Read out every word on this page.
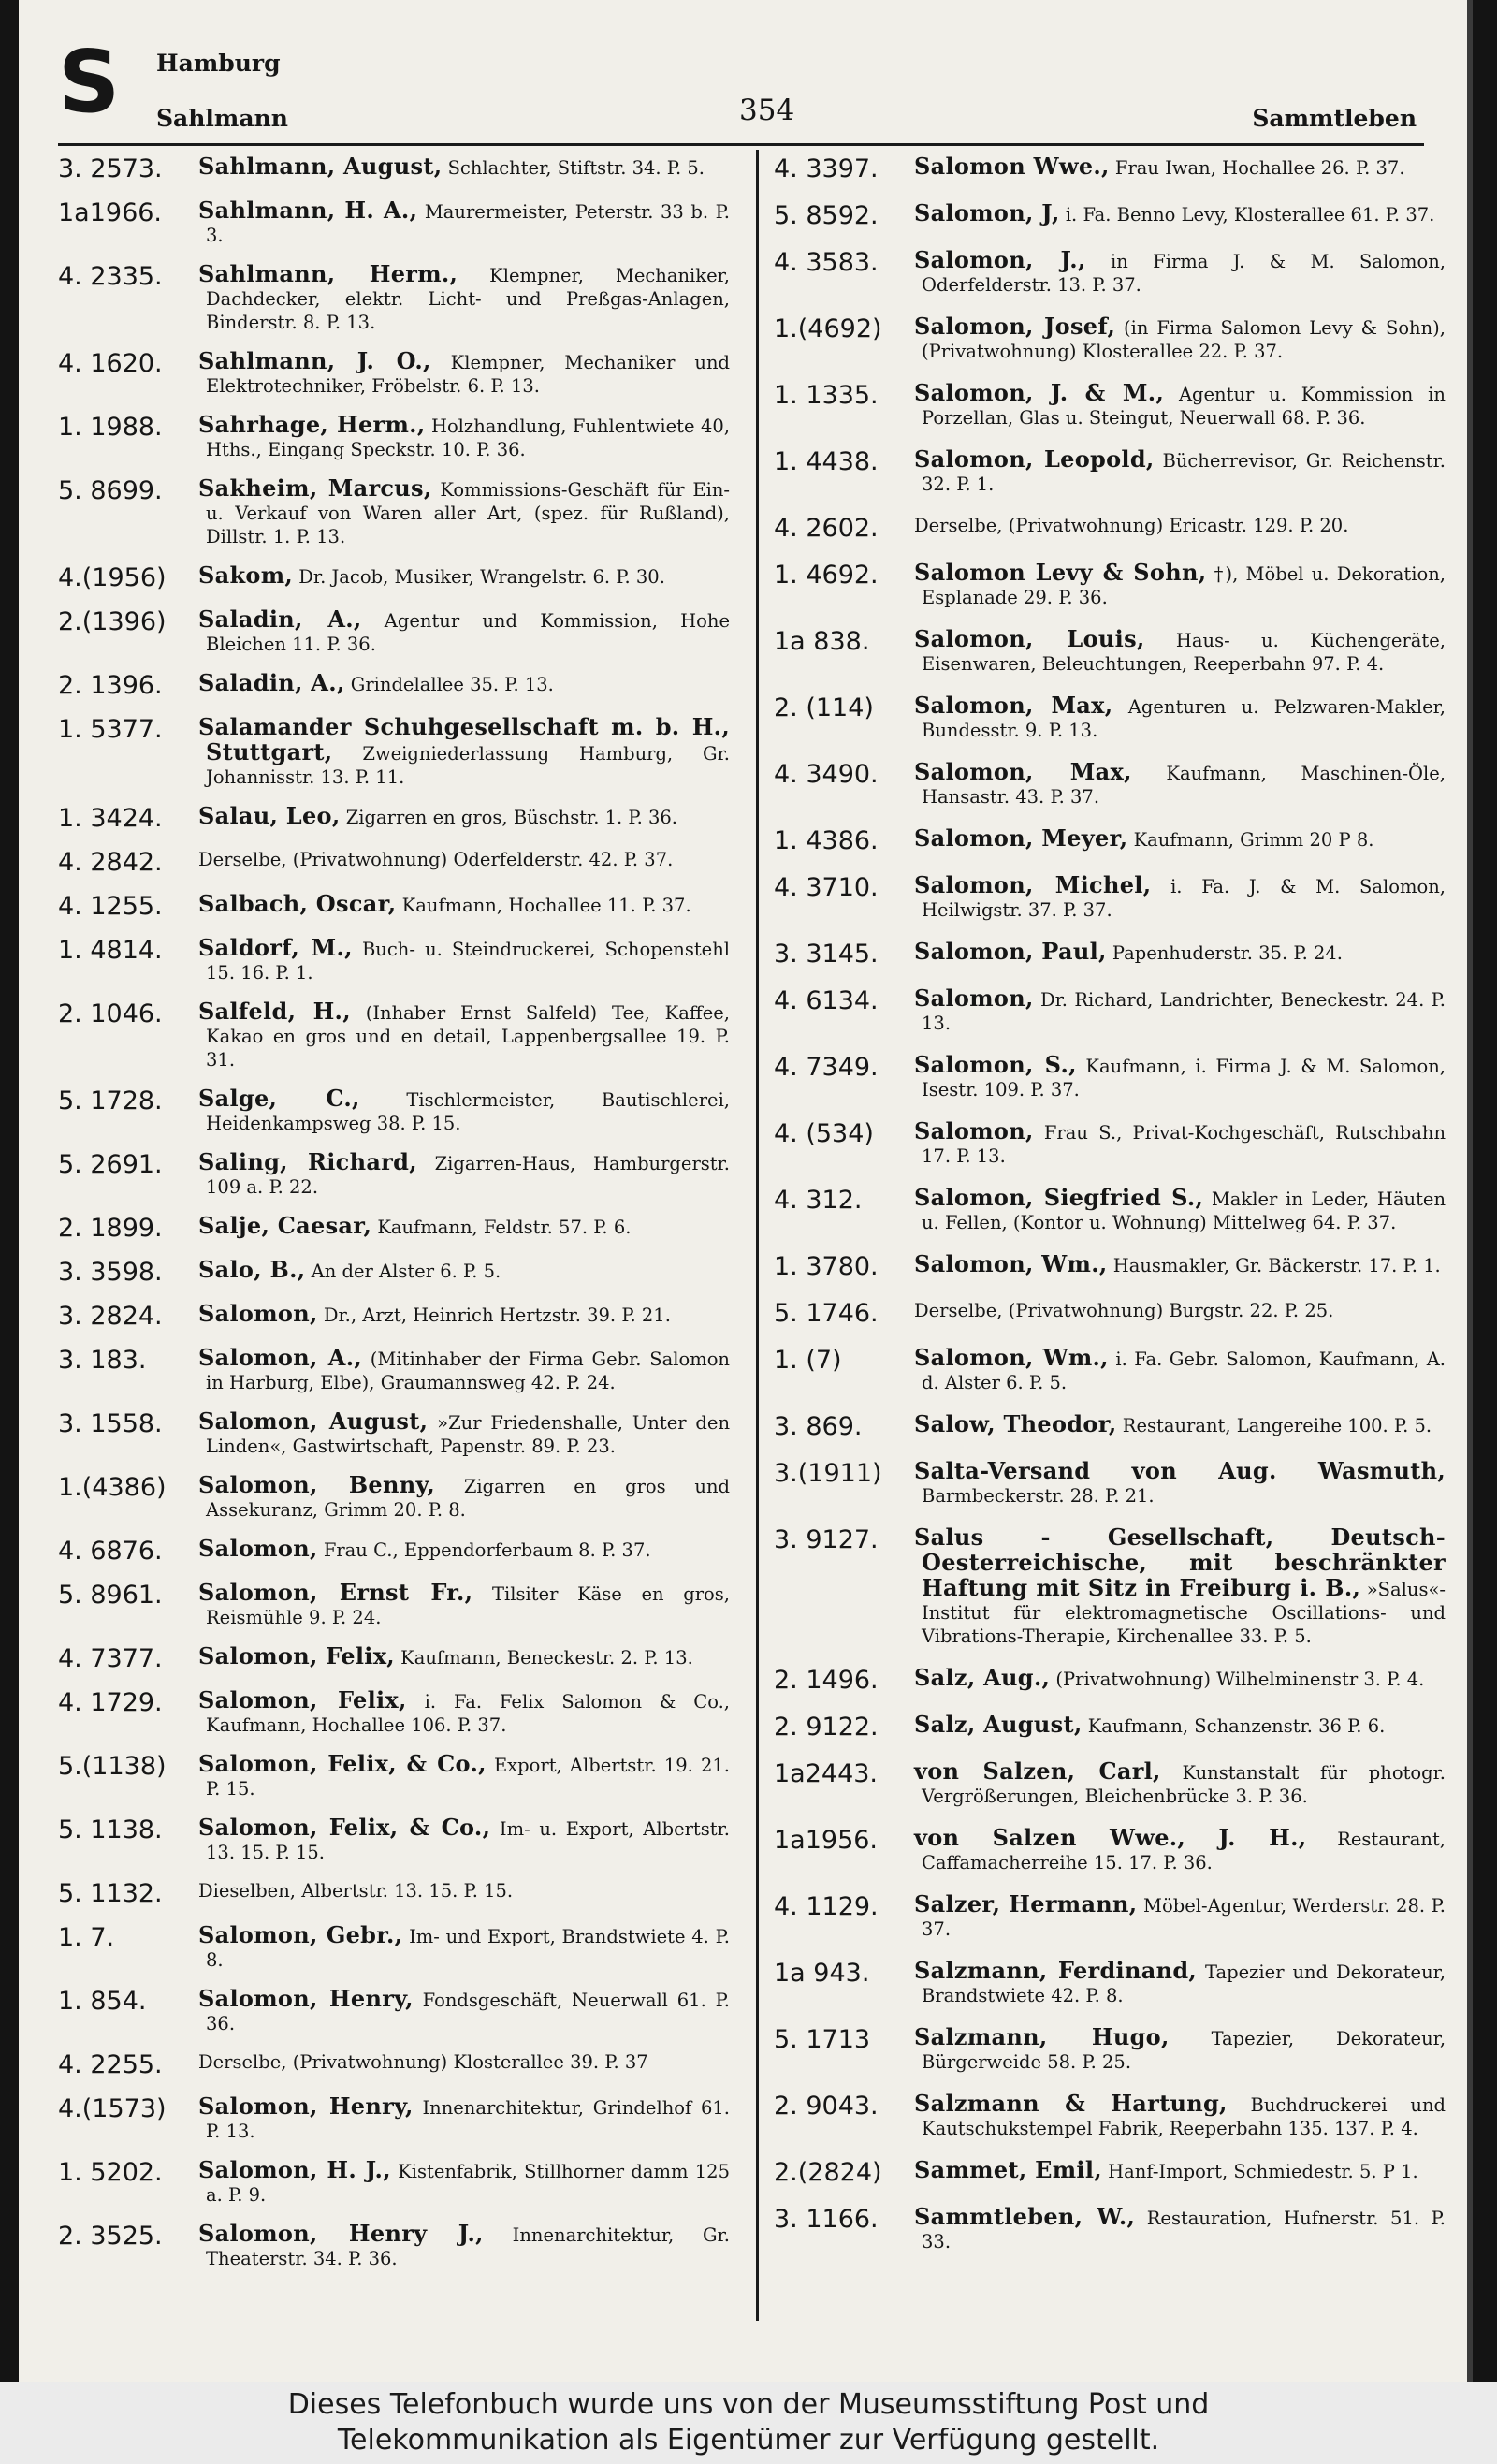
S Hamburg
Sahlmann	354	Sammtleben
3. 2573.	Sahlmann, August, Schlachter, Stiftstr. 34. P. 5.
1a1966.	Sahlmann, H. A., Maurermeister, Peterstr. 33 b. P. 3.
4. 2335.	Sahlmann, Herm., Klempner, Mechaniker, Dachdecker, elektr. Licht- und Preßgas-Anlagen, Binderstr. 8. P. 13.
4. 1620.	Sahlmann, J. O., Klempner, Mechaniker und Elektrotechniker, Fröbelstr. 6. P. 13.
1. 1988.	Sahrhage, Herm., Holzhandlung, Fuhlentwiete 40, Hths., Eingang Speckstr. 10. P. 36.
5. 8699.	Sakheim, Marcus, Kommissions-Geschäft für Ein- u. Verkauf von Waren aller Art, (spez. für Rußland), Dillstr. 1. P. 13.
4.(1956)	Sakom, Dr. Jacob, Musiker, Wrangelstr. 6. P. 30.
2.(1396)	Saladin, A., Agentur und Kommission, Hohe Bleichen 11. P. 36.
2. 1396.	Saladin, A., Grindelallee 35. P. 13.
1. 5377.	Salamander Schuhgesellschaft m. b. H., Stuttgart, Zweigniederlassung Hamburg, Gr. Johannisstr. 13. P. 11.
1. 3424.	Salau, Leo, Zigarren en gros, Büschstr. 1. P. 36.
4. 2842.	Derselbe, (Privatwohnung) Oderfelderstr. 42. P. 37.
4. 1255.	Salbach, Oscar, Kaufmann, Hochallee 11. P. 37.
1. 4814.	Saldorf, M., Buch- u. Steindruckerei, Schopenstehl 15. 16. P. 1.
2. 1046.	Salfeld, H., (Inhaber Ernst Salfeld) Tee, Kaffee, Kakao en gros und en detail, Lappenbergsallee 19. P. 31.
5. 1728.	Salge, C.,	Tischlermeister, Bautischlerei, Heidenkampsweg 38. P. 15.
5. 2691.	Saling, Richard, Zigarren-Haus, Hamburgerstr. 109 a. P. 22.
2. 1899.	Salje, Caesar, Kaufmann, Feldstr. 57. P. 6.
3. 3598.	Salo, B., An der Alster 6. P. 5.
3. 2824.	Salomon, Dr., Arzt, Heinrich Hertzstr. 39. P. 21.
3. 183.	Salomon, A., (Mitinhaber der Firma Gebr. Salomon in Harburg, Elbe), Graumannsweg 42. P. 24.
3. 1558.	Salomon, August, »Zur Friedenshalle, Unter den Linden«, Gastwirtschaft, Papenstr. 89. P. 23.
1.(4386)	Salomon, Benny, Zigarren en gros und Assekuranz, Grimm 20. P. 8.
4. 6876.	Salomon, Frau C., Eppendorferbaum 8. P. 37.
5. 8961.	Salomon, Ernst Fr., Tilsiter Käse en gros, Reismühle 9. P. 24.
4. 7377.	Salomon, Felix, Kaufmann, Beneckestr. 2. P. 13.
4. 1729.	Salomon, Felix, i. Fa. Felix Salomon & Co., Kaufmann, Hochallee 106. P. 37.
5.(1138)	Salomon, Felix, & Co., Export, Albertstr. 19. 21. P. 15.
5. 1138.	Salomon, Felix, & Co., Im- u. Export, Albertstr. 13. 15. P. 15.
5. 1132.	Dieselben, Albertstr. 13. 15. P. 15.
1. 7.	Salomon, Gebr., Im- und Export, Brandstwiete 4. P. 8.
1. 854.	Salomon, Henry, Fondsgeschäft, Neuerwall 61. P. 36.
4. 2255.	Derselbe, (Privatwohnung) Klosterallee 39. P. 37
4.(1573)	Salomon, Henry, Innenarchitektur, Grindelhof 61. P. 13.
1. 5202.	Salomon, H. J., Kistenfabrik, Stillhorner damm 125 a. P. 9.
2. 3525.	Salomon, Henry J., Innenarchitektur, Gr. Theaterstr. 34. P. 36.
4. 3397.	Salomon Wwe., Frau Iwan, Hochallee 26. P. 37.
5. 8592.	Salomon, J, i. Fa. Benno Levy, Klosterallee 61. P. 37.
4. 3583.	Salomon, J., in Firma J. & M. Salomon, Oderfelderstr. 13. P. 37.
1.(4692)	Salomon, Josef, (in Firma Salomon Levy & Sohn), (Privatwohnung) Klosterallee 22. P. 37.
1. 1335.	Salomon, J. & M., Agentur u. Kommission in Porzellan, Glas u. Steingut, Neuerwall 68. P. 36.
1. 4438.	Salomon, Leopold, Bücherrevisor, Gr. Reichenstr. 32. P. 1.
4. 2602.	Derselbe, (Privatwohnung) Ericastr. 129. P. 20.
1. 4692.	Salomon Levy & Sohn, †), Möbel u. Dekoration, Esplanade 29. P. 36.
1a 838.	Salomon, Louis, Haus- u. Küchengeräte, Eisenwaren, Beleuchtungen, Reeperbahn 97. P. 4.
2. (114)	Salomon, Max, Agenturen u. Pelzwaren-Makler, Bundesstr. 9. P. 13.
4. 3490.	Salomon, Max, Kaufmann, Maschinen-Öle, Hansastr. 43. P. 37.
1. 4386.	Salomon, Meyer, Kaufmann, Grimm 20 P 8.
4. 3710.	Salomon, Michel, i. Fa. J. & M. Salomon, Heilwigstr. 37. P. 37.
3. 3145.	Salomon, Paul, Papenhuderstr. 35. P. 24.
4. 6134.	Salomon, Dr. Richard, Landrichter, Beneckestr. 24. P. 13.
4. 7349.	Salomon, S., Kaufmann, i. Firma J. & M. Salomon, Isestr. 109. P. 37.
4. (534)	Salomon, Frau S., Privat-Kochgeschäft, Rutschbahn 17. P. 13.
4. 312.	Salomon, Siegfried S., Makler in Leder, Häuten u. Fellen, (Kontor u. Wohnung) Mittelweg 64. P. 37.
1. 3780.	Salomon, Wm., Hausmakler, Gr. Bäckerstr. 17. P. 1.
5. 1746.	Derselbe, (Privatwohnung) Burgstr. 22. P. 25.
1. (7)	Salomon, Wm., i. Fa. Gebr. Salomon, Kaufmann, A. d. Alster 6. P. 5.
3. 869.	Salow, Theodor, Restaurant, Langereihe 100. P. 5.
3.(1911)	Salta-Versand von Aug. Wasmuth, Barmbeckerstr. 28. P. 21.
3. 9127.	Salus - Gesellschaft, Deutsch-Oesterreichische, mit beschränkter Haftung mit Sitz in Freiburg i. B., »Salus«-Institut für elektromagnetische Oscillations- und Vibrations-Therapie, Kirchenallee 33. P. 5.
2. 1496.	Salz, Aug., (Privatwohnung) Wilhelminenstr 3. P. 4.
2. 9122.	Salz, August, Kaufmann, Schanzenstr. 36 P. 6.
1a2443.	von Salzen, Carl, Kunstanstalt für photogr. Vergrößerungen, Bleichenbrücke 3. P. 36.
1a1956.	von Salzen Wwe., J. H., Restaurant, Caffamacherreihe 15. 17. P. 36.
4. 1129.	Salzer, Hermann, Möbel-Agentur, Werderstr. 28. P. 37.
1a 943.	Salzmann, Ferdinand, Tapezier und Dekorateur, Brandstwiete 42. P. 8.
5. 1713	Salzmann, Hugo, Tapezier, Dekorateur, Bürgerweide 58. P. 25.
2. 9043.	Salzmann & Hartung, Buchdruckerei und Kautschukstempel Fabrik, Reeperbahn 135. 137. P. 4.
2.(2824)	Sammet, Emil, Hanf-Import, Schmiedestr. 5. P 1.
3. 1166.	Sammtleben, W., Restauration, Hufnerstr. 51. P. 33.
Dieses Telefonbuch wurde uns von der Museumsstiftung Post und
Telekommunikation als Eigentümer zur Verfügung gestellt.
